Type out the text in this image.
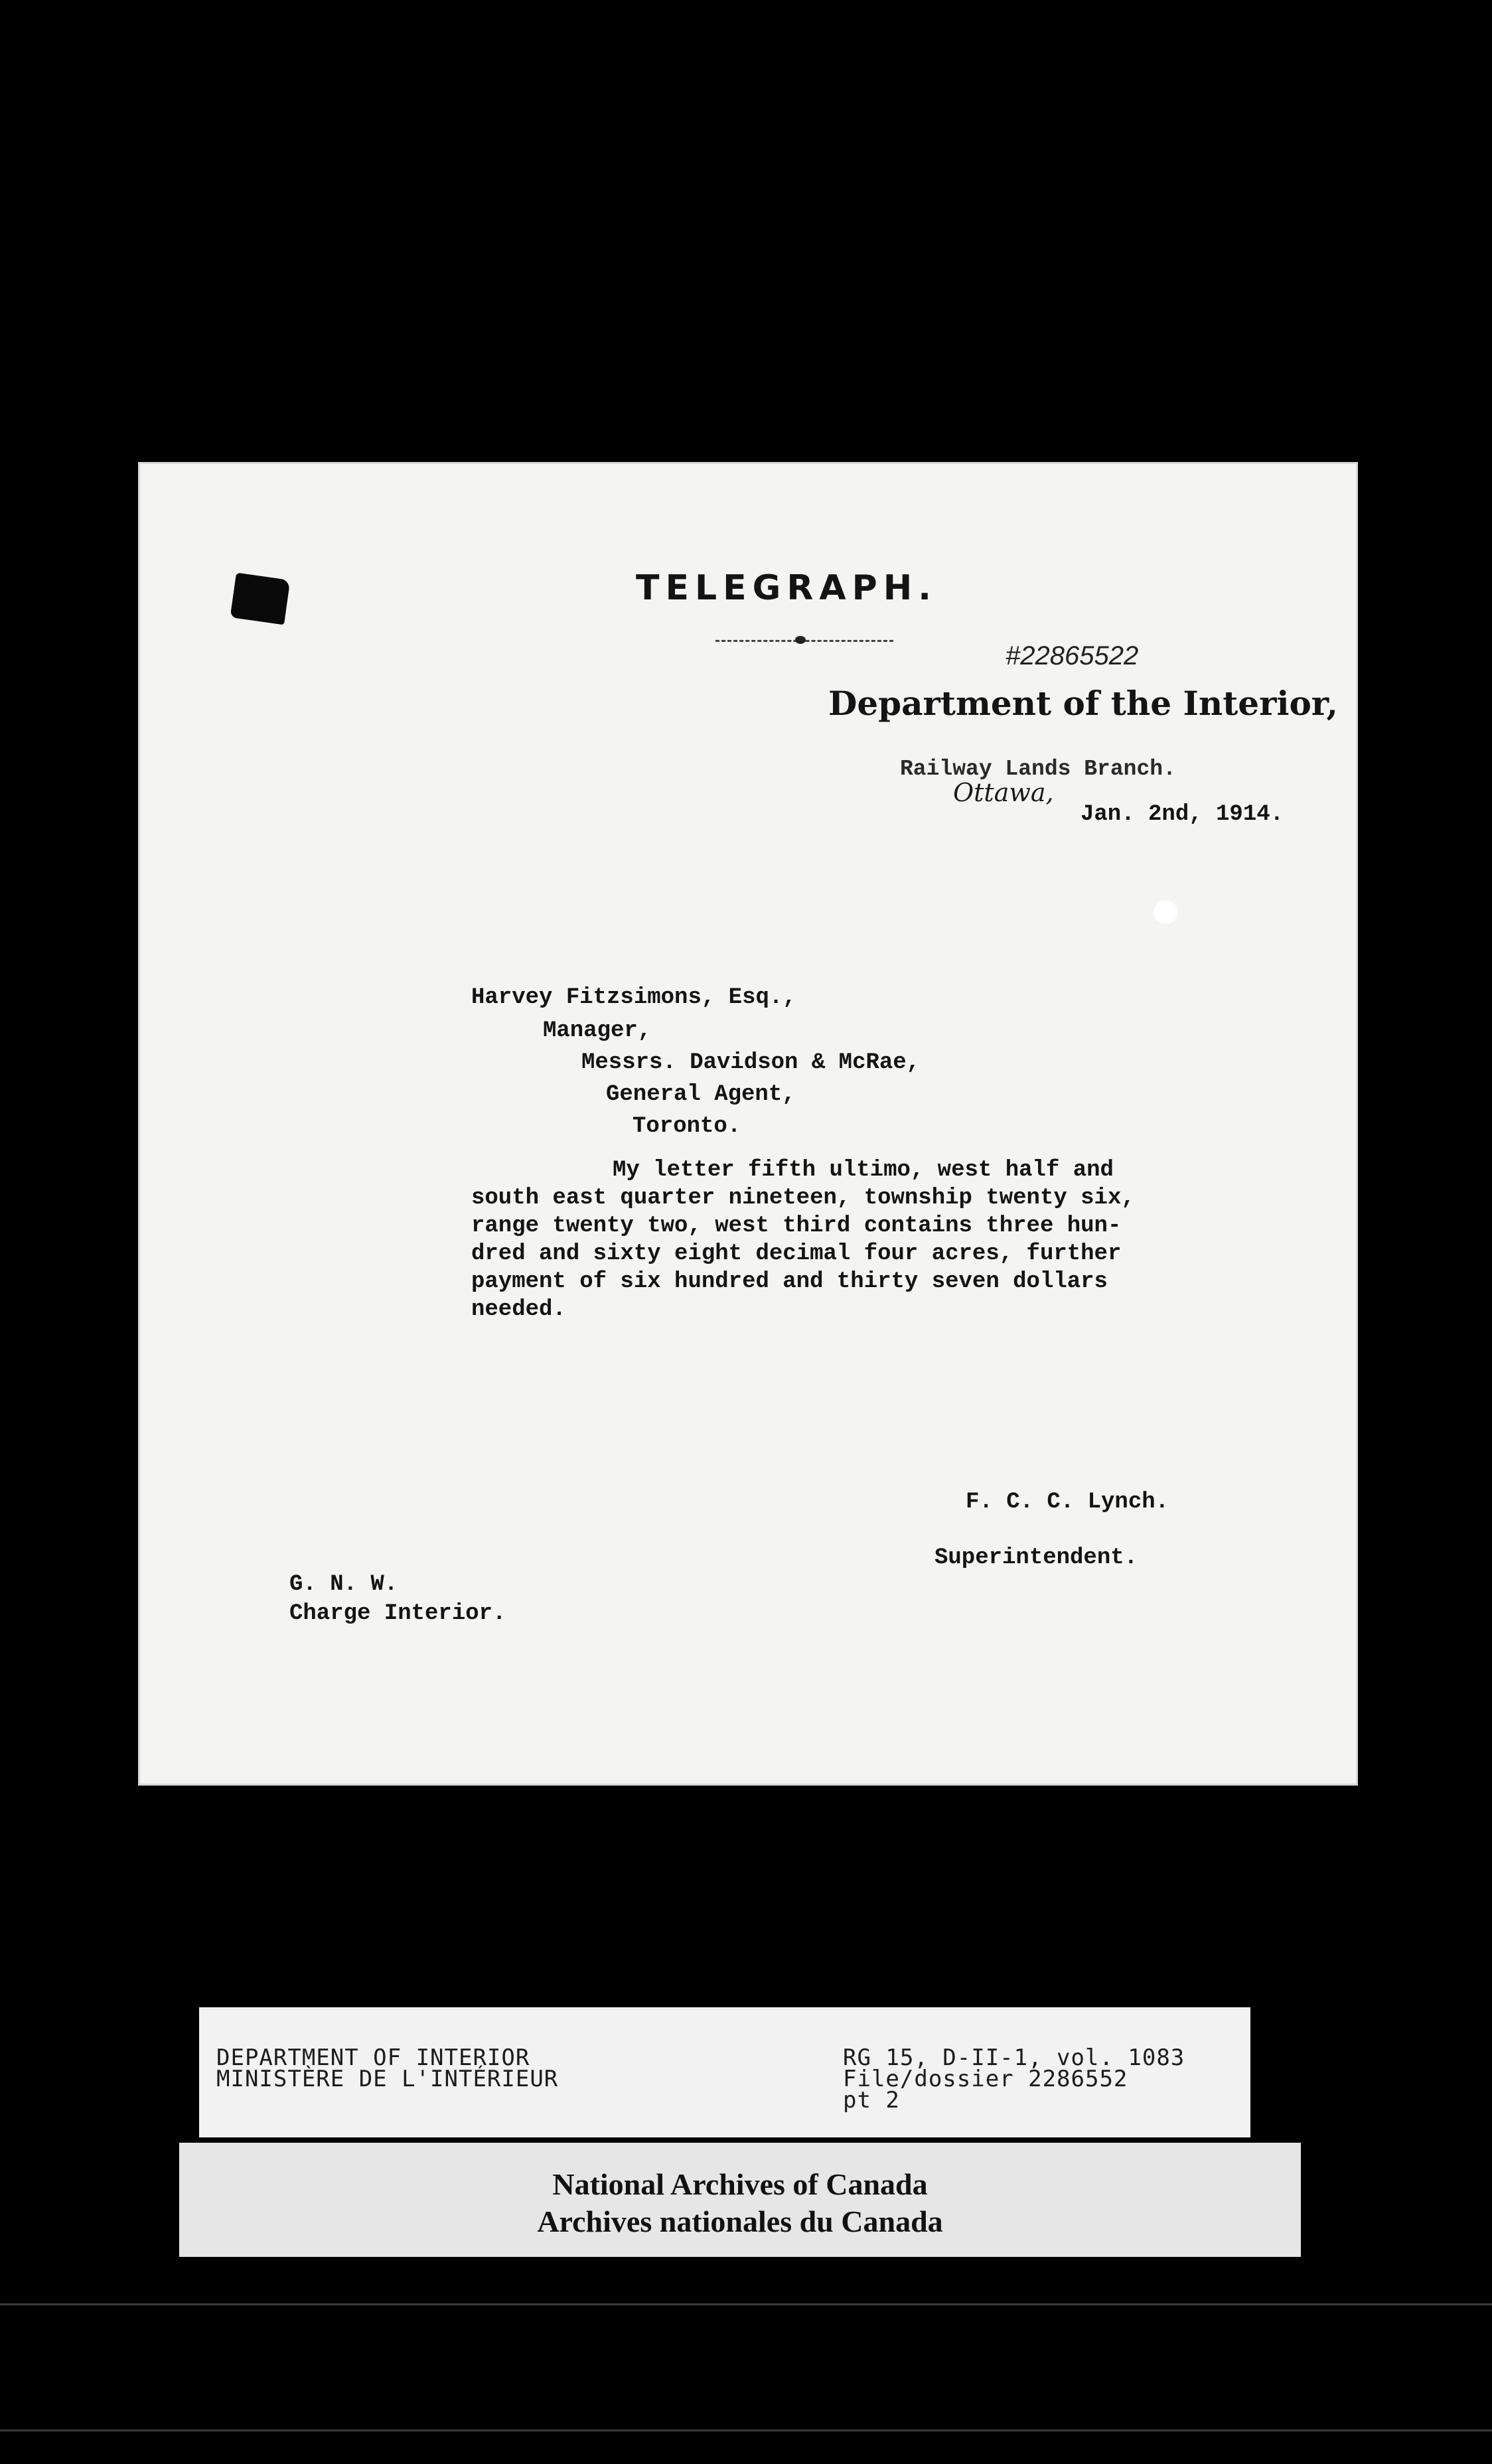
TELEGRAPH.
#22865522
Department of the Interior,
Railway Lands Branch.
Ottawa,
Jan. 2nd, 1914.
Harvey Fitzsimons, Esq.,
Manager,
Messrs. Davidson & McRae,
General Agent,
Toronto.
My letter fifth ultimo, west half and
south east quarter nineteen, township twenty six,
range twenty two, west third contains three hun-
dred and sixty eight decimal four acres, further
payment of six hundred and thirty seven dollars
needed.
F. C. C. Lynch.
Superintendent.
G. N. W.
Charge Interior.
DEPARTMENT OF INTERIOR
MINISTÈRE DE L'INTÉRIEUR
RG 15, D-II-1, vol. 1083
File/dossier 2286552
pt 2
National Archives of Canada
Archives nationales du Canada
